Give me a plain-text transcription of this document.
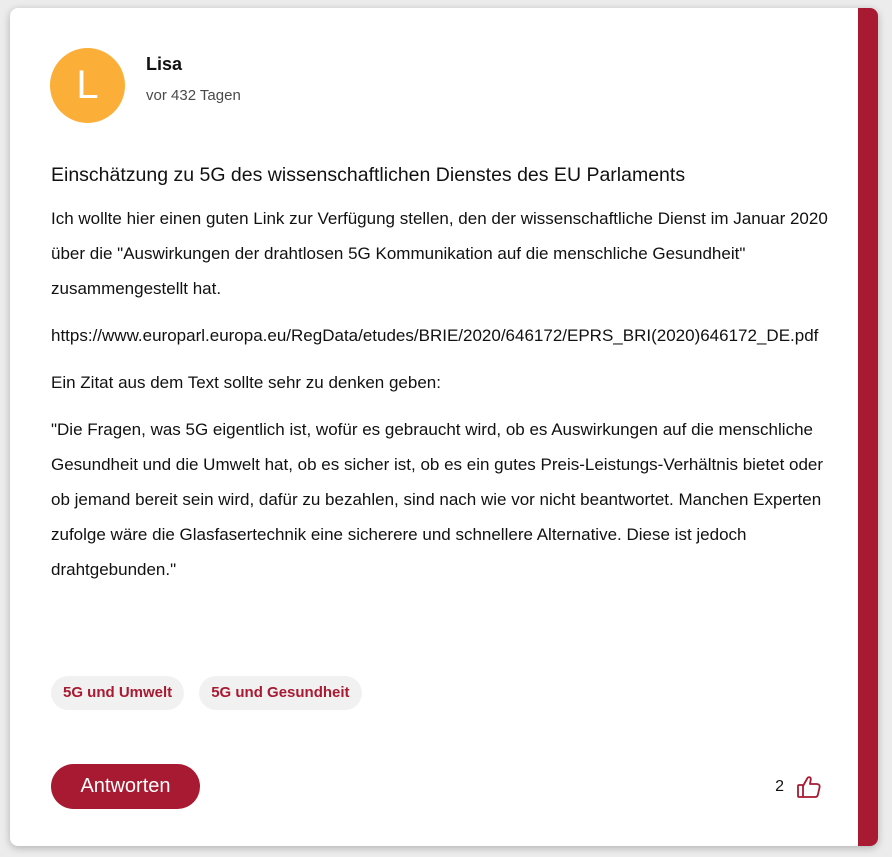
L	Lisa
vor 432 Tagen
Einschätzung zu 5G des wissenschaftlichen Dienstes des EU Parlaments

Ich wollte hier einen guten Link zur Verfügung stellen, den der wissenschaftliche Dienst im Januar 2020 über die "Auswirkungen der drahtlosen 5G Kommunikation auf die menschliche Gesundheit" zusammengestellt hat.

https://www.europarl.europa.eu/RegData/etudes/BRIE/2020/646172/EPRS_BRI(2020)646172_DE.pdf

Ein Zitat aus dem Text sollte sehr zu denken geben:

"Die Fragen, was 5G eigentlich ist, wofür es gebraucht wird, ob es Auswirkungen auf die menschliche Gesundheit und die Umwelt hat, ob es sicher ist, ob es ein gutes Preis-Leistungs-Verhältnis bietet oder ob jemand bereit sein wird, dafür zu bezahlen, sind nach wie vor nicht beantwortet. Manchen Experten zufolge wäre die Glasfasertechnik eine sicherere und schnellere Alternative. Diese ist jedoch drahtgebunden."

5G und Umwelt	5G und Gesundheit
Antworten	2
